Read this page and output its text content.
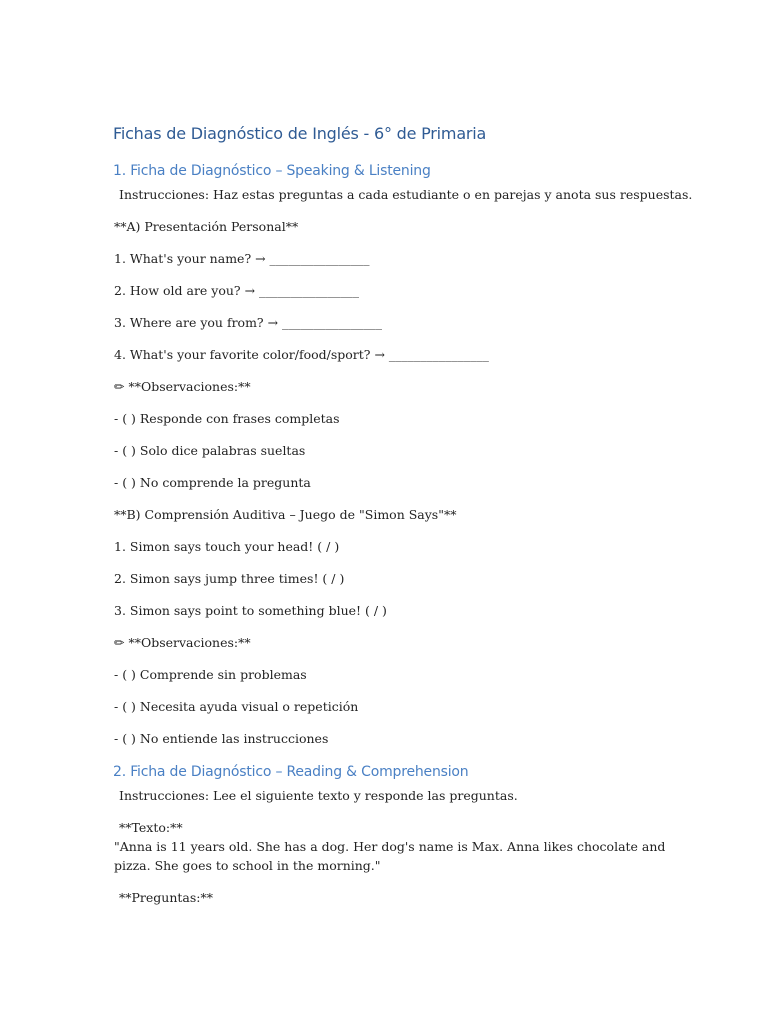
Fichas de Diagnóstico de Inglés - 6° de Primaria
1. Ficha de Diagnóstico – Speaking & Listening
Instrucciones: Haz estas preguntas a cada estudiante o en parejas y anota sus respuestas.
**A) Presentación Personal**
1. What's your name? → ________________
2. How old are you? → ________________
3. Where are you from? → ________________
4. What's your favorite color/food/sport? → ________________
✏ **Observaciones:**
- ( ) Responde con frases completas
- ( ) Solo dice palabras sueltas
- ( ) No comprende la pregunta
**B) Comprensión Auditiva – Juego de "Simon Says"**
1. Simon says touch your head! ( / )
2. Simon says jump three times! ( / )
3. Simon says point to something blue! ( / )
✏ **Observaciones:**
- ( ) Comprende sin problemas
- ( ) Necesita ayuda visual o repetición
- ( ) No entiende las instrucciones
2. Ficha de Diagnóstico – Reading & Comprehension
Instrucciones: Lee el siguiente texto y responde las preguntas.
**Texto:**
"Anna is 11 years old. She has a dog. Her dog's name is Max. Anna likes chocolate and pizza. She goes to school in the morning."
**Preguntas:**
